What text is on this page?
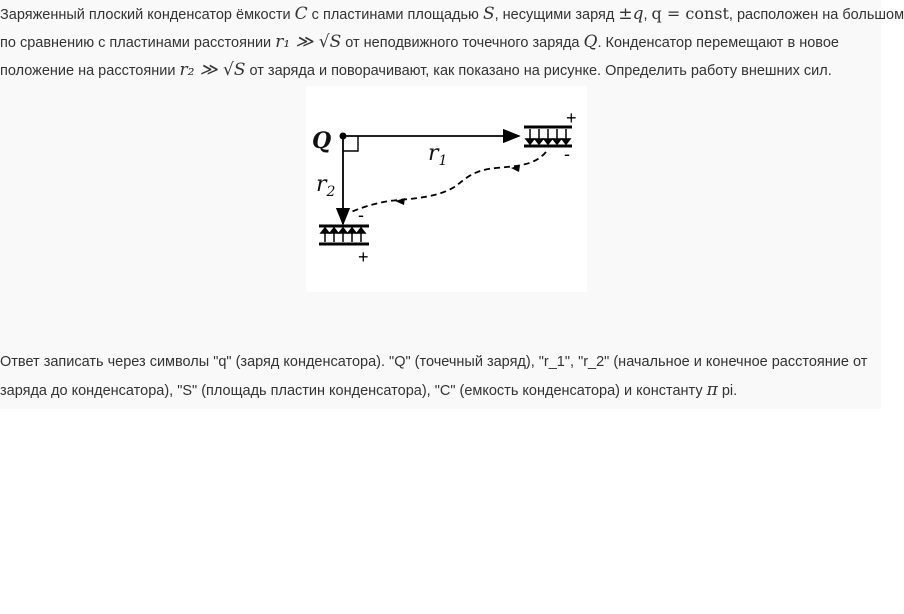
Заряженный плоский конденсатор ёмкости C с пластинами площадью S, несущими заряд ±q, q = const, расположен на большом
по сравнению с пластинами расстоянии r₁ ≫ √S от неподвижного точечного заряда Q. Конденсатор перемещают в новое
положение на расстоянии r₂ ≫ √S от заряда и поворачивают, как показано на рисунке. Определить работу внешних сил.
Q	$r_1$
$r_2$
+
-
-
+
Ответ записать через символы "q" (заряд конденсатора). "Q" (точечный заряд), "r_1", "r_2" (начальное и конечное расстояние от
заряда до конденсатора), "S" (площадь пластин конденсатора), "C" (емкость конденсатора) и константу π pi.
